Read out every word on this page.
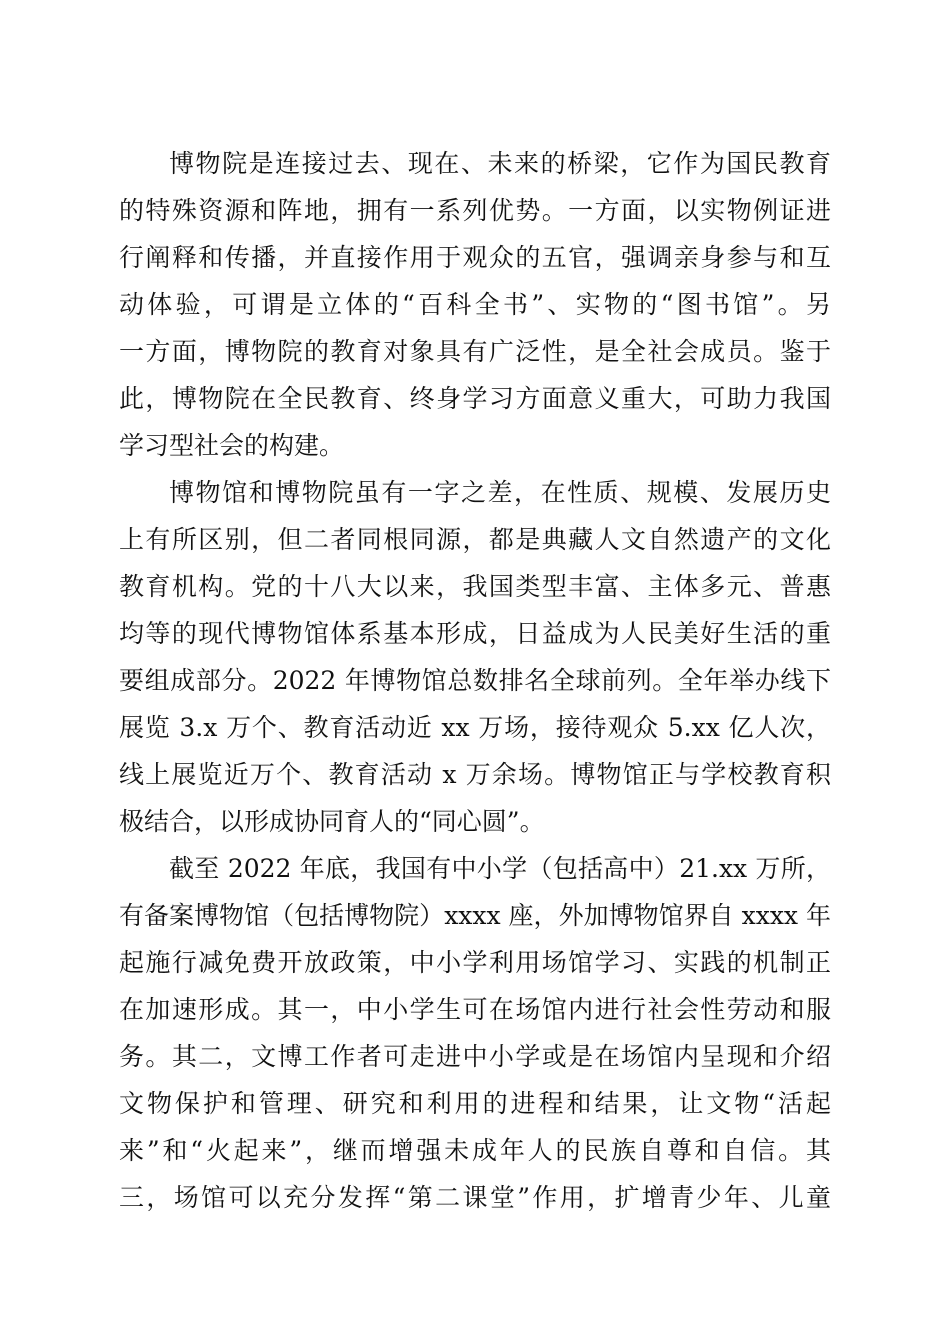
博物院是连接过去、现在、未来的桥梁，它作为国民教育
的特殊资源和阵地，拥有一系列优势。一方面，以实物例证进
行阐释和传播，并直接作用于观众的五官，强调亲身参与和互
动体验，可谓是立体的“百科全书”、实物的“图书馆”。另
一方面，博物院的教育对象具有广泛性，是全社会成员。鉴于
此，博物院在全民教育、终身学习方面意义重大，可助力我国
学习型社会的构建。
博物馆和博物院虽有一字之差，在性质、规模、发展历史
上有所区别，但二者同根同源，都是典藏人文自然遗产的文化
教育机构。党的十八大以来，我国类型丰富、主体多元、普惠
均等的现代博物馆体系基本形成，日益成为人民美好生活的重
要组成部分。2022 年博物馆总数排名全球前列。全年举办线下
展览 3.x 万个、教育活动近 xx 万场，接待观众 5.xx 亿人次，
线上展览近万个、教育活动 x 万余场。博物馆正与学校教育积
极结合，以形成协同育人的“同心圆”。
截至 2022 年底，我国有中小学（包括高中）21.xx 万所，
有备案博物馆（包括博物院）xxxx 座，外加博物馆界自 xxxx 年
起施行减免费开放政策，中小学利用场馆学习、实践的机制正
在加速形成。其一，中小学生可在场馆内进行社会性劳动和服
务。其二，文博工作者可走进中小学或是在场馆内呈现和介绍
文物保护和管理、研究和利用的进程和结果，让文物“活起
来”和“火起来”，继而增强未成年人的民族自尊和自信。其
三，场馆可以充分发挥“第二课堂”作用，扩增青少年、儿童
